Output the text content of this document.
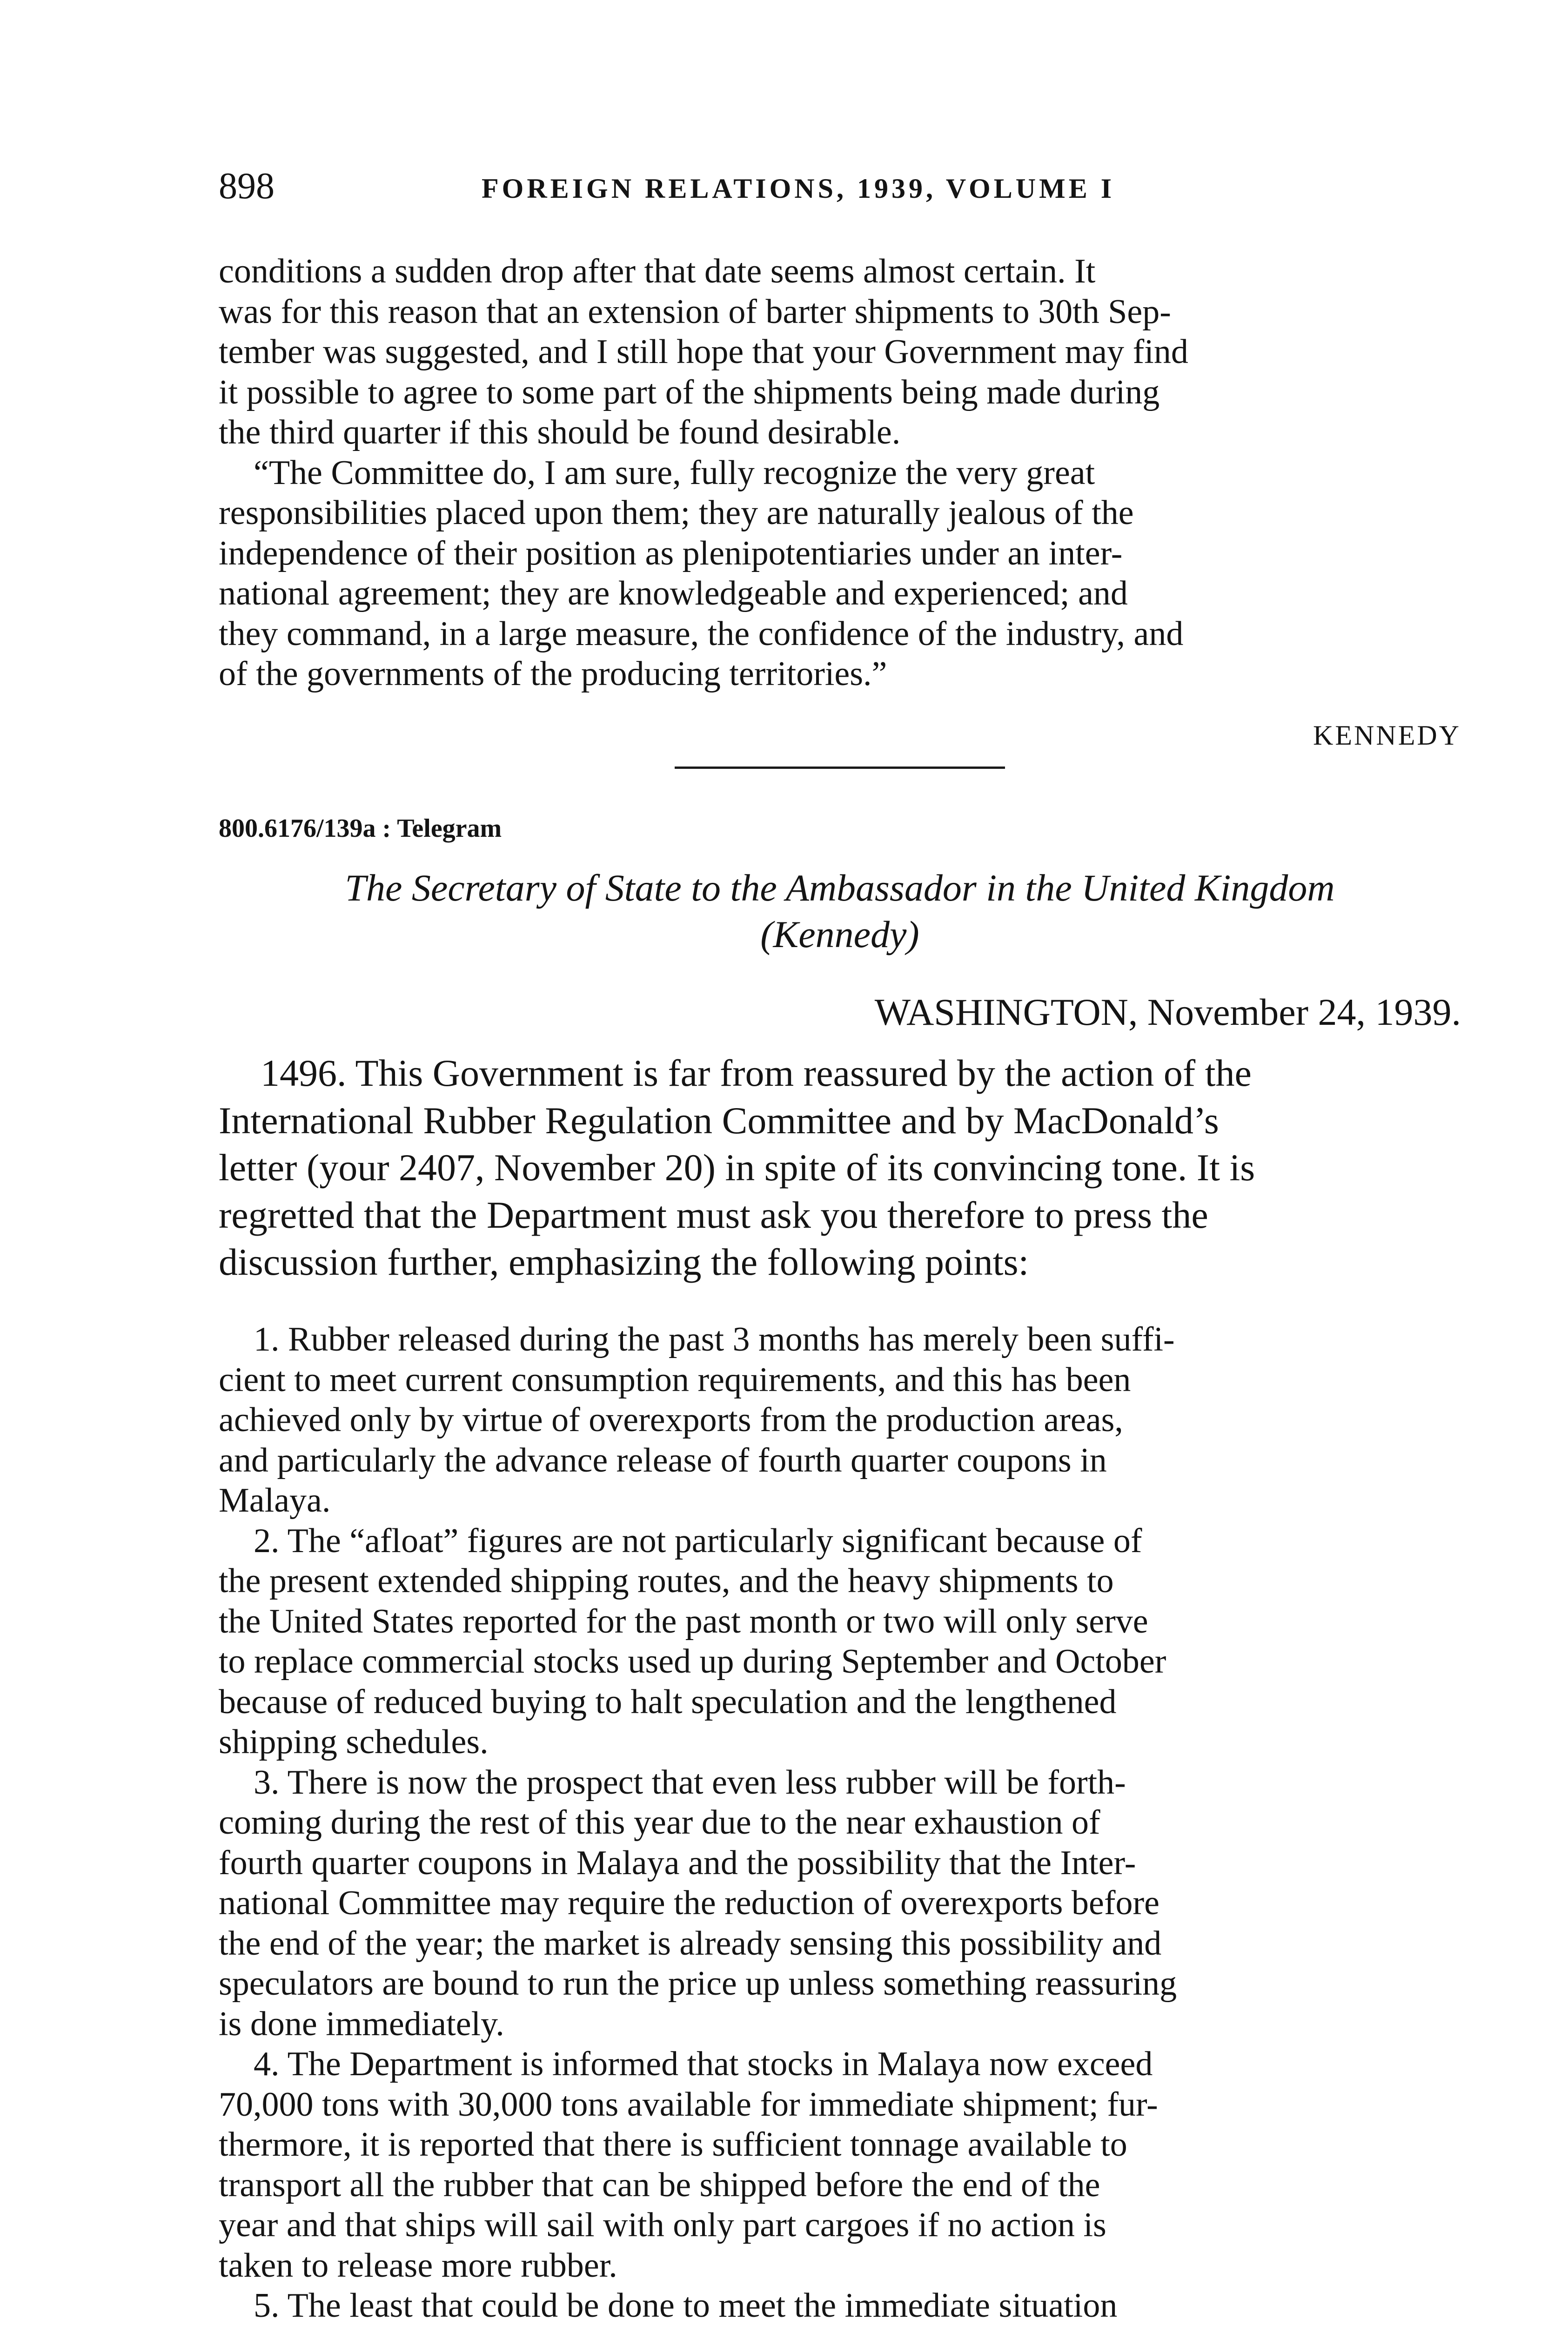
898	FOREIGN RELATIONS, 1939, VOLUME I

conditions a sudden drop after that date seems almost certain. It
was for this reason that an extension of barter shipments to 30th Sep-
tember was suggested, and I still hope that your Government may find
it possible to agree to some part of the shipments being made during
the third quarter if this should be found desirable.

“The Committee do, I am sure, fully recognize the very great
responsibilities placed upon them; they are naturally jealous of the
independence of their position as plenipotentiaries under an inter-
national agreement; they are knowledgeable and experienced; and
they command, in a large measure, the confidence of the industry, and
of the governments of the producing territories.”

KENNEDY
800.6176/139a : Telegram
The Secretary of State to the Ambassador in the United Kingdom
(Kennedy)
WASHINGTON, November 24, 1939.

1496. This Government is far from reassured by the action of the
International Rubber Regulation Committee and by MacDonald’s
letter (your 2407, November 20) in spite of its convincing tone. It is
regretted that the Department must ask you therefore to press the
discussion further, emphasizing the following points:

1. Rubber released during the past 3 months has merely been suffi-
cient to meet current consumption requirements, and this has been
achieved only by virtue of overexports from the production areas,
and particularly the advance release of fourth quarter coupons in
Malaya.

2. The “afloat” figures are not particularly significant because of
the present extended shipping routes, and the heavy shipments to
the United States reported for the past month or two will only serve
to replace commercial stocks used up during September and October
because of reduced buying to halt speculation and the lengthened
shipping schedules.

3. There is now the prospect that even less rubber will be forth-
coming during the rest of this year due to the near exhaustion of
fourth quarter coupons in Malaya and the possibility that the Inter-
national Committee may require the reduction of overexports before
the end of the year; the market is already sensing this possibility and
speculators are bound to run the price up unless something reassuring
is done immediately.

4. The Department is informed that stocks in Malaya now exceed
70,000 tons with 30,000 tons available for immediate shipment; fur-
thermore, it is reported that there is sufficient tonnage available to
transport all the rubber that can be shipped before the end of the
year and that ships will sail with only part cargoes if no action is
taken to release more rubber.

5. The least that could be done to meet the immediate situation
